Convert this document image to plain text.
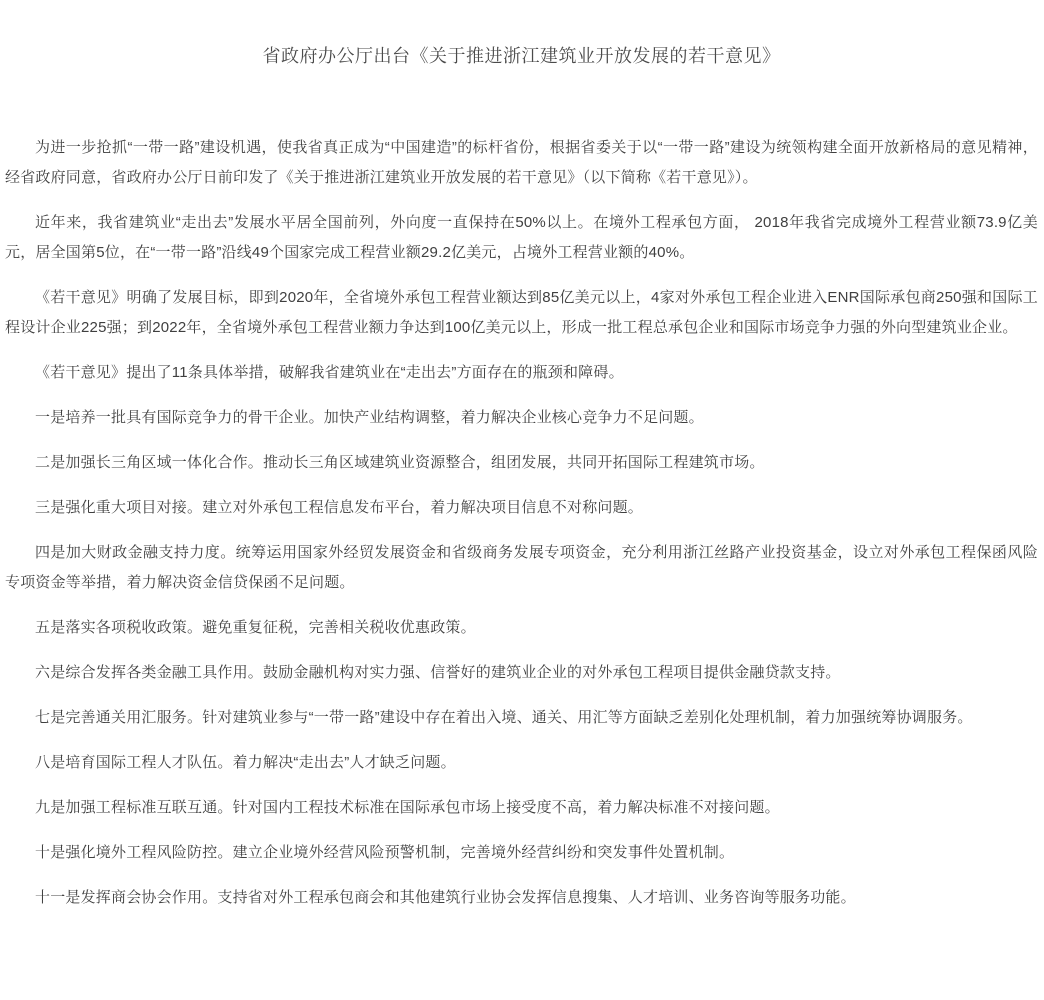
省政府办公厅出台《关于推进浙江建筑业开放发展的若干意见》

为进一步抢抓“一带一路”建设机遇，使我省真正成为“中国建造”的标杆省份，根据省委关于以“一带一路”建设为统领构建全面开放新格局的意见精神，经省政府同意，省政府办公厅日前印发了《关于推进浙江建筑业开放发展的若干意见》（以下简称《若干意见》）。

近年来，我省建筑业“走出去”发展水平居全国前列，外向度一直保持在50%以上。在境外工程承包方面， 2018年我省完成境外工程营业额73.9亿美元，居全国第5位，在“一带一路”沿线49个国家完成工程营业额29.2亿美元，占境外工程营业额的40%。

《若干意见》明确了发展目标，即到2020年，全省境外承包工程营业额达到85亿美元以上，4家对外承包工程企业进入ENR国际承包商250强和国际工程设计企业225强；到2022年，全省境外承包工程营业额力争达到100亿美元以上，形成一批工程总承包企业和国际市场竞争力强的外向型建筑业企业。

《若干意见》提出了11条具体举措，破解我省建筑业在“走出去”方面存在的瓶颈和障碍。

一是培养一批具有国际竞争力的骨干企业。加快产业结构调整，着力解决企业核心竞争力不足问题。

二是加强长三角区域一体化合作。推动长三角区域建筑业资源整合，组团发展，共同开拓国际工程建筑市场。

三是强化重大项目对接。建立对外承包工程信息发布平台，着力解决项目信息不对称问题。

四是加大财政金融支持力度。统筹运用国家外经贸发展资金和省级商务发展专项资金，充分利用浙江丝路产业投资基金，设立对外承包工程保函风险专项资金等举措，着力解决资金信贷保函不足问题。

五是落实各项税收政策。避免重复征税，完善相关税收优惠政策。

六是综合发挥各类金融工具作用。鼓励金融机构对实力强、信誉好的建筑业企业的对外承包工程项目提供金融贷款支持。

七是完善通关用汇服务。针对建筑业参与“一带一路”建设中存在着出入境、通关、用汇等方面缺乏差别化处理机制，着力加强统筹协调服务。

八是培育国际工程人才队伍。着力解决“走出去”人才缺乏问题。

九是加强工程标准互联互通。针对国内工程技术标准在国际承包市场上接受度不高，着力解决标准不对接问题。

十是强化境外工程风险防控。建立企业境外经营风险预警机制，完善境外经营纠纷和突发事件处置机制。

十一是发挥商会协会作用。支持省对外工程承包商会和其他建筑行业协会发挥信息搜集、人才培训、业务咨询等服务功能。
